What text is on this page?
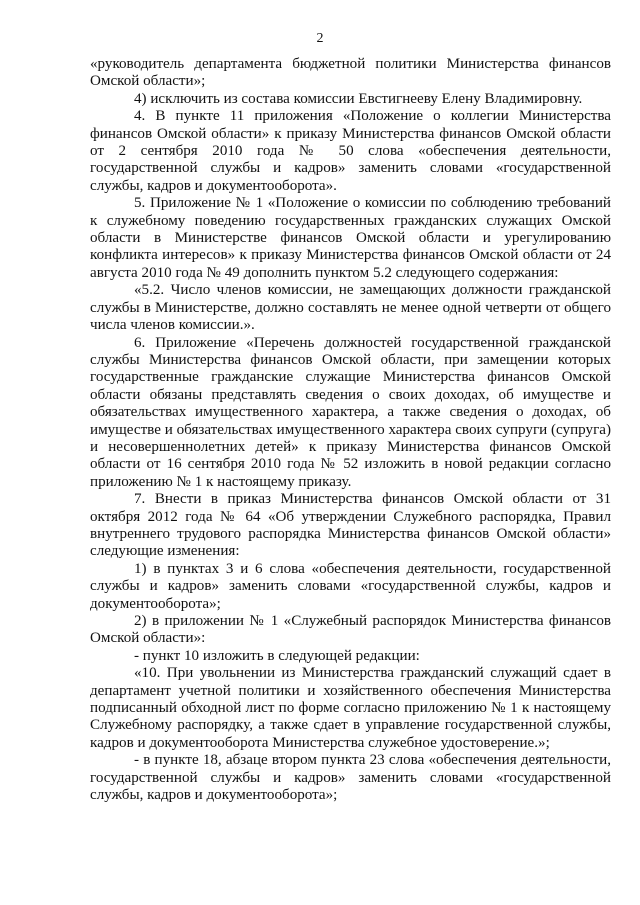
2

«руководитель департамента бюджетной политики Министерства финансов Омской области»;

4) исключить из состава комиссии Евстигнееву Елену Владимировну.

4. В пункте 11 приложения «Положение о коллегии Министерства финансов Омской области» к приказу Министерства финансов Омской области от 2 сентября 2010 года № 50 слова «обеспечения деятельности, государственной службы и кадров» заменить словами «государственной службы, кадров и документооборота».

5. Приложение № 1 «Положение о комиссии по соблюдению требований к служебному поведению государственных гражданских служащих Омской области в Министерстве финансов Омской области и урегулированию конфликта интересов» к приказу Министерства финансов Омской области от 24 августа 2010 года № 49 дополнить пунктом 5.2 следующего содержания:

«5.2. Число членов комиссии, не замещающих должности гражданской службы в Министерстве, должно составлять не менее одной четверти от общего числа членов комиссии.».

6. Приложение «Перечень должностей государственной гражданской службы Министерства финансов Омской области, при замещении которых государственные гражданские служащие Министерства финансов Омской области обязаны представлять сведения о своих доходах, об имуществе и обязательствах имущественного характера, а также сведения о доходах, об имуществе и обязательствах имущественного характера своих супруги (супруга) и несовершеннолетних детей» к приказу Министерства финансов Омской области от 16 сентября 2010 года № 52 изложить в новой редакции согласно приложению № 1 к настоящему приказу.

7. Внести в приказ Министерства финансов Омской области от 31 октября 2012 года № 64 «Об утверждении Служебного распорядка, Правил внутреннего трудового распорядка Министерства финансов Омской области» следующие изменения:

1) в пунктах 3 и 6 слова «обеспечения деятельности, государственной службы и кадров» заменить словами «государственной службы, кадров и документооборота»;

2) в приложении № 1 «Служебный распорядок Министерства финансов Омской области»:

- пункт 10 изложить в следующей редакции:

«10. При увольнении из Министерства гражданский служащий сдает в департамент учетной политики и хозяйственного обеспечения Министерства подписанный обходной лист по форме согласно приложению № 1 к настоящему Служебному распорядку, а также сдает в управление государственной службы, кадров и документооборота Министерства служебное удостоверение.»;

- в пункте 18, абзаце втором пункта 23 слова «обеспечения деятельности, государственной службы и кадров» заменить словами «государственной службы, кадров и документооборота»;
